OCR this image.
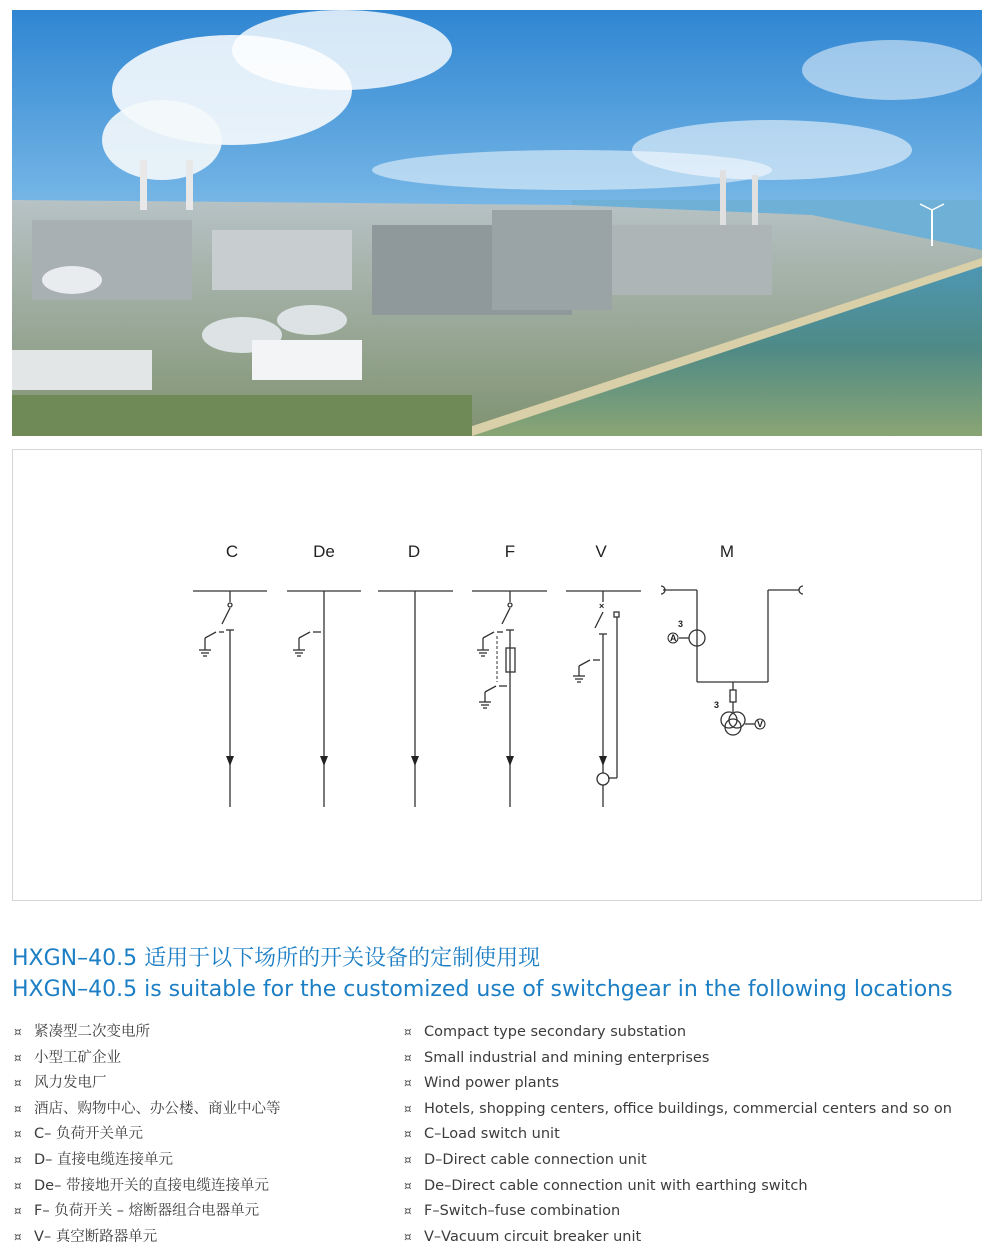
C	De	D	F	V	M
×
A
3
V
3
HXGN–40.5 适用于以下场所的开关设备的定制使用现
HXGN–40.5 is suitable for the customized use of switchgear in the following locations
¤ 紧凑型二次变电所
¤ 小型工矿企业
¤ 风力发电厂
¤ 酒店、购物中心、办公楼、商业中心等
¤ C– 负荷开关单元
¤ D– 直接电缆连接单元
¤ De– 带接地开关的直接电缆连接单元
¤ F– 负荷开关 – 熔断器组合电器单元
¤ V– 真空断路器单元
¤ Compact type secondary substation
¤ Small industrial and mining enterprises
¤ Wind power plants
¤ Hotels, shopping centers, office buildings, commercial centers and so on
¤ C–Load switch unit
¤ D–Direct cable connection unit
¤ De–Direct cable connection unit with earthing switch
¤ F–Switch–fuse combination
¤ V–Vacuum circuit breaker unit
